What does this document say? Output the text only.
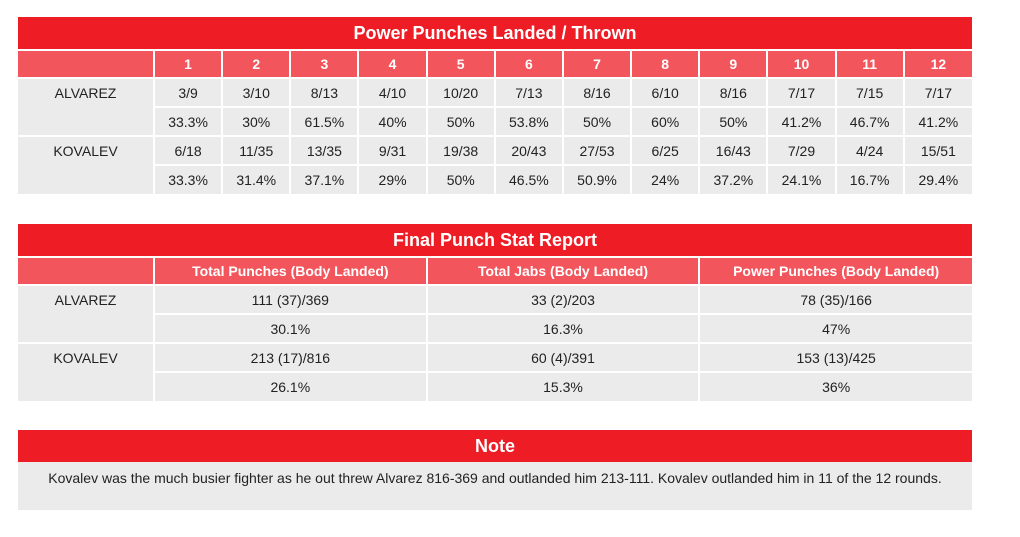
Power Punches Landed / Thrown
	1	2	3	4	5	6	7	8	9	10	11	12
ALVAREZ	3/9	3/10	8/13	4/10	10/20	7/13	8/16	6/10	8/16	7/17	7/15	7/17
	33.3%	30%	61.5%	40%	50%	53.8%	50%	60%	50%	41.2%	46.7%	41.2%
KOVALEV	6/18	11/35	13/35	9/31	19/38	20/43	27/53	6/25	16/43	7/29	4/24	15/51
	33.3%	31.4%	37.1%	29%	50%	46.5%	50.9%	24%	37.2%	24.1%	16.7%	29.4%
Final Punch Stat Report
	Total Punches (Body Landed)	Total Jabs (Body Landed)	Power Punches (Body Landed)
ALVAREZ	111 (37)/369	33 (2)/203	78 (35)/166
	30.1%	16.3%	47%
KOVALEV	213 (17)/816	60 (4)/391	153 (13)/425
	26.1%	15.3%	36%
Note
Kovalev was the much busier fighter as he out threw Alvarez 816-369 and outlanded him 213-111. Kovalev outlanded him in 11 of the 12 rounds.
